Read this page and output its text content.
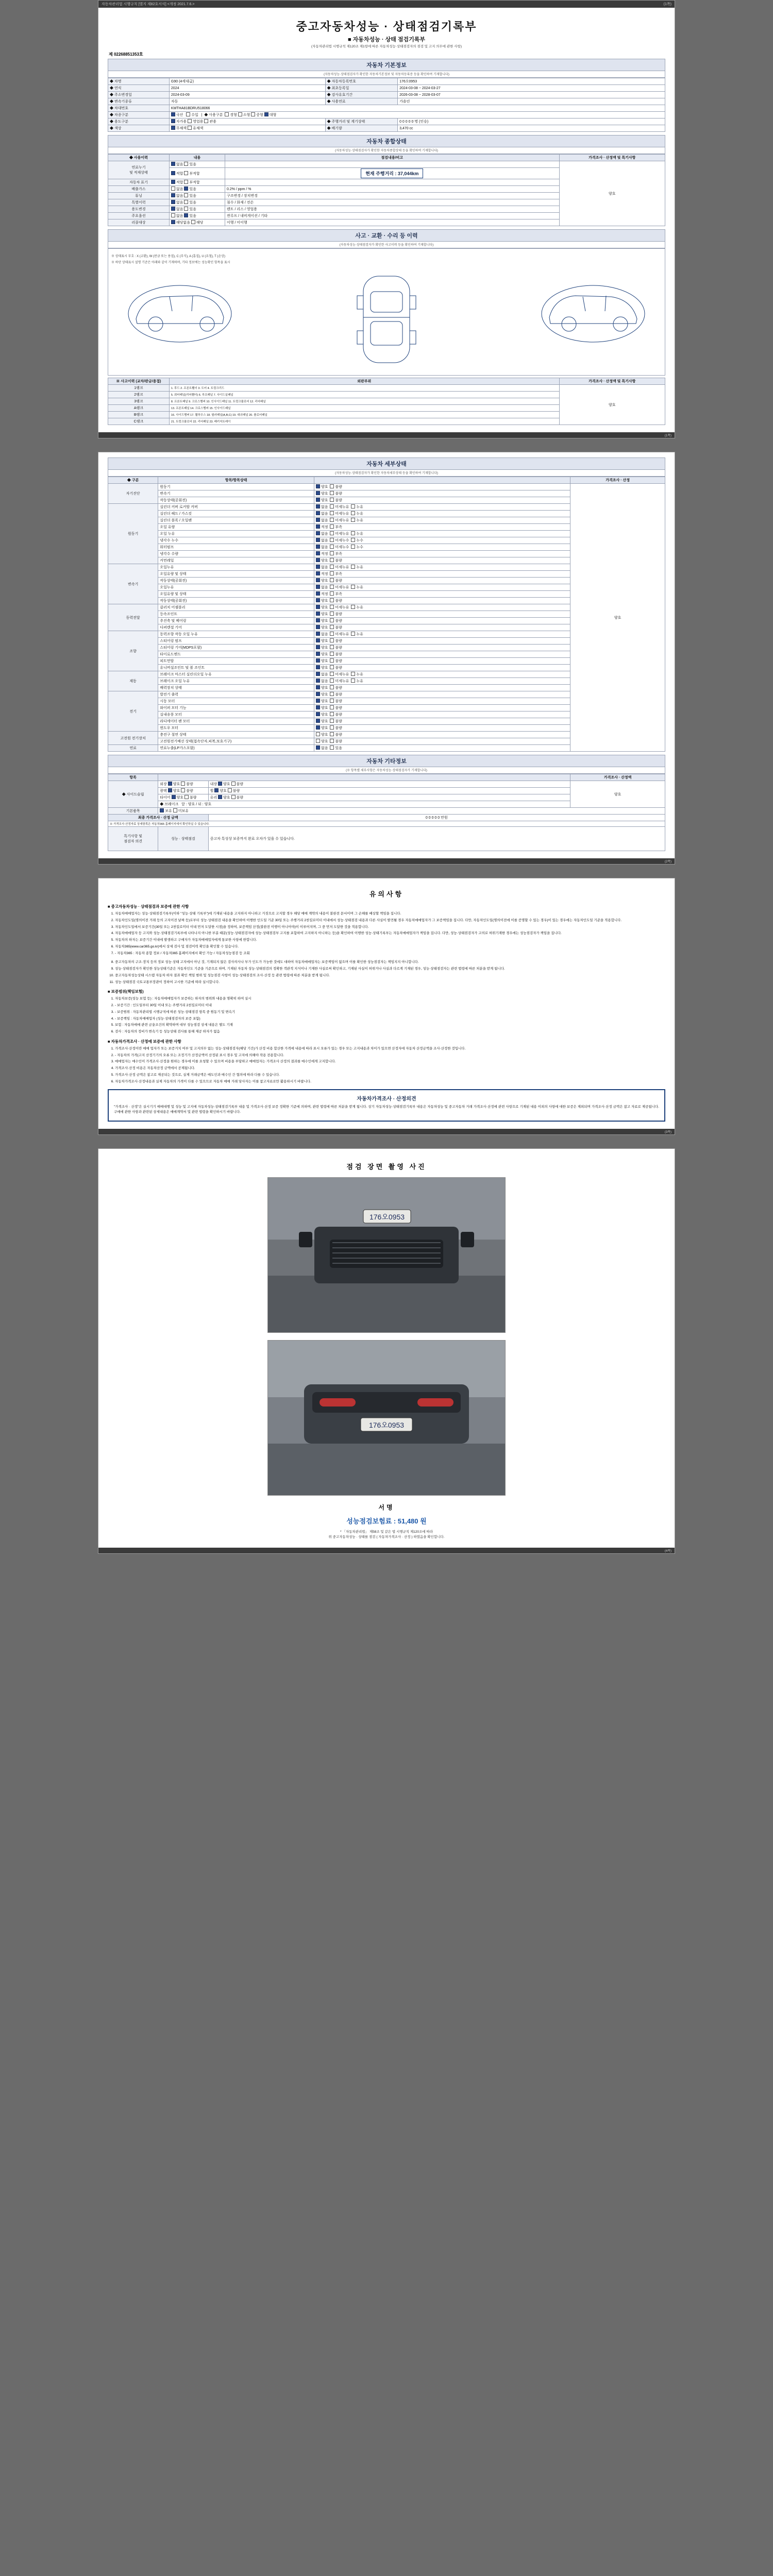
자동차관리법 시행규칙 [별지 제82호서식] <개정 2021.7.6.>	(1쪽)
중고자동차성능 · 상태점검기록부
■ 자동차성능 · 상태 점검기록부
(자동차관리법 시행규칙 제120조 제1항에 따른 자동차성능·상태점검자의 점검 및 고지 의무에 관한 사항)
제 02268851353호
자동차 기본정보
(자동차성능·상태점검자가 확인한 자동차기본정보 및 자동차등록증 등을 확인하여 기재합니다)
◆ 차명	G90 (4세대급)	◆ 자동차등록번호	176오0953
◆ 연식	2024	◆ 최초등록일	2024-03-08 ~ 2024-03-27
◆ 주소변경일	2024-03-09	◆ 검사유효기간	2026-03-08 ~ 2028-03-07
◆ 변속기종류	자동	◆ 사용연료	가솔린
◆ 차대번호	KMTHA81BDRU518066		
◆ 차종구분	국산 수입   |  ◆ 사용구분 경형 소형 중형 대형		
◆ 용도구분	자가용 영업용 관용	◆ 주행거리 및 계기상태	0 0 0 0 0 명 (인승)
◆ 색상	무채색 유채색	◆ 배기량	3,470 cc
자동차 종합상태
(자동차성능·상태점검자가 확인한 자동차종합상태 등을 확인하여 기재합니다)
◆ 사용이력	내용	점검내용/비고	가격조사 · 산정액 및 특기사항
연료누기
및 적재상태	없음 있음		양호
	적합 부적합	현재 주행거리 : 37,044km	
자동차 표기	적합 부적합		
배출가스	없음 있음	0.2% / ppm / %	
튜닝	없음 있음	구조변경 / 장치변경	
특별이력	없음 있음	침수 / 화재 / 전손	
용도변경	없음 있음	렌트 / 리스 / 영업용	
주요옵션	없음 있음	썬루프 / 내비게이션 / 기타	
리콜대상	해당없음 해당	이행 / 미이행	
사고 · 교환 · 수리 등 이력
(자동차성능·상태점검자가 확인한 사고이력 등을 확인하여 기재합니다)
※ 상태표시 부호 : X (교환), W (판금 또는 용접), C (부식), A (흠집), U (요철), T (손상)
※ 하단 상태표시 설명 기준은 아래와 같이 기재하며, 기타 정보에는 성능확인 항목을 표시
※ 사고이력 (교차/판금/용접)	외판부위	가격조사 · 산정액 및 특기사항
1랭크	1. 후드 2. 프론트휀더 3. 도어 4. 트렁크리드	양호
2랭크	5. 쿼터패널(리어휀더) 6. 루프패널 7. 사이드실패널	
3랭크	8. 프론트패널 9. 크로스멤버 10. 인사이드패널 11. 트렁크플로어 12. 리어패널	
A랭크	13. 프론트패널 14. 크로스멤버 15. 인사이드패널	
B랭크	16. 사이드멤버 17. 휠하우스 18. 필러패널(A,B,C) 19. 대쉬패널 20. 플로어패널	
C랭크	21. 트렁크플로어 22. 리어패널 23. 패키지트레이	
(1쪽)
자동차 세부상태
(자동차성능·상태점검자가 확인한 자동차세부상태 등을 확인하여 기재합니다)
◆ 구분	항목/항목상태		가격조사 · 산정
자기진단	원동기	양호  불량	양호
	변속기	양호  불량	
	작동상태(공회전)	양호  불량	
원동기	실린더 커버 로커암 커버	없음  미세누유  누유	
	실린더 헤드 / 가스킷	없음  미세누유  누유	
	실린더 블록 / 오일팬	없음  미세누유  누유	
	오일 유량	적정  부족	
	오일 누유	없음  미세누유  누유	
	냉각수 누수	없음  미세누수  누수	
	워터펌프	없음  미세누수  누수	
	냉각수 수량	적정  부족	
	커먼레일	양호  불량	
변속기	오일누유	없음  미세누유  누유	
	오일유량 및 상태	적정  부족	
	작동상태(공회전)	양호  불량	
	오일누유	없음  미세누유  누유	
	오일유량 및 상태	적정  부족	
	작동상태(공회전)	양호  불량	
동력전달	클러치 어셈블리	양호  미세누유  누유	
	등속조인트	양호  불량	
	추진축 및 베어링	양호  불량	
	디퍼렌셜 기어	양호  불량	
조향	동력조향 작동 오일 누유	없음  미세누유  누유	
	스티어링 펌프	양호  불량	
	스티어링 기어(MDPS포함)	양호  불량	
	타이로드엔드	양호  불량	
	피트먼암	양호  불량	
	유니버설조인트 및 볼 조인트	양호  불량	
제동	브레이크 마스터 실린더오일 누유	없음  미세누유  누유	
	브레이크 오일 누유	없음  미세누유  누유	
	배력장치 상태	양호  불량	
전기	발전기 출력	양호  불량	
	시동 모터	양호  불량	
	와이퍼 모터 기능	양호  불량	
	실내송풍 모터	양호  불량	
	라디에이터 팬 모터	양호  불량	
	윈도우 모터	양호  불량	
고전원 전기장치	충전구 절연 상태	양호  불량	
	고전원전기배선 상태(접속단자,피복,보호기구)	양호  불량	
연료	연료누출(LP가스포함)	없음  있음	
자동차 기타정보
(※ 항목별 세부사항은 자동차성능·상태점검자가 기재합니다)
항목			가격조사 · 산정액
◆ 사이드슬립	외장 양호 불량	내장 양호 불량	양호
	광택 양호 불량	휠 양호 불량	
	타이어 양호 불량	유리 양호 불량	
	◆ 브레이크 앞 : 양호 / 뒤 : 양호		
기본품목	보유 미보유		
최종 가격조사 · 산정 금액		0 0 0 0 0 만원	
※ 가격조사·산정자료 상세항목은 자동차365 홈페이지에서 확인하실 수 있습니다.			
특기사항 및
점검자 의견	성능 · 상태점검	중고차 특성상 보증까지 완료 오차가 있을 수 있습니다.	
(2쪽)
유의사항
■ 중고자동차성능 · 상태점검과 보증에 관한 사항
1. 자동차매매업자는 성능·상태점검기록부(이하 "성능·상태 기록부")에 기재된 내용을 고지하지 아니하고 거짓으로 고지할 경우 해당 매매 계약의 내용이 불완전 문서이며 그 손해를 배상할 책임을 집니다.
2. 자동차인도일(명의이전 거래 등의 고지이전 날짜 등)로부터 성능·상태점검 내용을 확인하여 이행한 인도일 기준 30일 또는 주행거리 2천킬로미터 이내에서 성능·상태점검 내용과 다른 사실이 발견될 경우 자동차매매업자가 그 보증책임을 집니다. 다만, 자동차인도일(명의이전에 이를 증명할 수 있는 경우)이 있는 경우에는 자동차인도일 기준을 적용합니다.
3. 자동차인도일에서 보증기간(30일 또는 2천킬로미터 이내 먼저 도달한 시점)을 정하여, 보증책임 산정(불완전 이행이 아니어야)이 이루어지며, 그 중 먼저 도달한 것을 적용합니다.
4. 자동차매매업자 등 고지와 성능·상태점검기록부에 나타나지 아니한 부분 때문(성능·상태점검자에 성능·상태점검부 고지를 포함하여 고지하지 아니하는 등)을 확인하여 이행한 성능·상태기록부는 자동차매매업자가 책임을 집니다. 다만, 성능·상태점검자가 고의로 허위기재한 경우에는 성능점검자가 책임을 집니다.
5. 자동차의 하자는 보증기간 이내에 발생하고 구매자가 자동차매매업자에게 통보한 사항에 한합니다.
6. 자동차365(www.car365.go.kr)에서 상세 검사 및 점검이력 확인을 확인할 수 있습니다.
7. - 자동차365 : 자동차 종합 정보 / 자동차365 홈페이지에서 확인 가능 / 자동차성능점검 등 조회
8. 중고자동차의 구조·장치 등의 정보 성능·상태 고지에서 아닌 것, 기재되지 않은 검사의사나 부가 인도가 가능한 것에도 대하여 자동차매매업자는 보증책임이 없으며 이를 확인한 성능점검자는 책임지지 아니합니다.
9. 성능·상태점검자가 확인한 성능상태기준은 자동차인도 기준을 기준으로 하며, 기재된 자동차 성능·상태점검의 정확한 객관적 지식이나 기재한 사실로써 확인하고, 기재된 사실이 허위거나 사실과 다르게 기재된 경우, 성능·상태점검자는 관련 법령에 따른 처분을 받게 됩니다.
10. 중고자동차성능상태 시스템 자동차 하자 결과 확인 책임 범위 및 성능점검 사항이 성능·상태점검의 조사·산정 등 관련 법령에 따른 처분을 받게 됩니다.
11. 성능·상태점검 국토교통부장관이 정하여 고시한 기준에 따라 실시합니다.
■ 보증범위(책임보험)
1. 자동차보증(성능 보험 등) : 자동차매매업자가 보증하는 하자의 범위와 내용을 명확히 하여 실시
2. - 보증기간 : 인도일부터 30일 이내 또는 주행거리 2천킬로미터 이내
3. - 보증범위 : 자동차관리법 시행규칙에 따른 성능·상태점검 항목 중 원동기 및 변속기
4. - 보증책임 : 자동차매매업자 (성능·상태점검자의 보증 포함)
5. 보험 : 자동차매매 관련 금융조건의 확약하며 대부 성능점검 상세 내용은 별도 기재
6. 검사 : 자동차의 정비가 변속기 등 성능상태 검사를 통해 제공 하자가 없음
■ 자동차가격조사 · 산정에 보증에 관한 사항
1. 가격조사·산정이란 매매 업자가 또는 보증거치 여부 및 고지의무 없는 성능·상태점검자(해당 기간)가 산정 비용 합산한 가격에 내용에 따라 표시 오류가 있는 경우 또는 고지내용과 차이가 있으면 산정자에 자동차 산정금액을 조사·산정한 것입니다.
2. - 자동차의 가격(고지 산정기기의 오류 또는 조정기가 산정금액이 산정된 표시 경우 및 고지에 의해야 작용 전용합니다.
3. 매매업자는 매수인이 가격조사·산정을 원하는 경우에 이를 요청할 수 있으며 비용을 부담하고 매매업자는 가격조사 산정의 결과를 매수인에게 고지합니다.
4. 가격조사·산정 비용은 자동차산정 금액에서 공제됩니다.
5. 가격조사·산정 금액은 참고로 제공되는 것으로, 실제 거래금액은 매도인과 매수인 간 협의에 따라 다를 수 있습니다.
6. 자동차가격조사·산정내용과 실제 자동차의 가격이 다를 수 있으므로 자동차 매매 거래 당사자는 이를 참고자료로만 활용하시기 바랍니다.
자동차가격조사 · 산정의견

"가격조사 · 산정"은 실시기기 매매대행 및 성능 및 고지에 자동차성능·상태점검기록부 내용 및 가격조사·산정 보증 정확한 기준에 의하며, 관련 법령에 따른 처분을 받게 됩니다. 상기 자동차성능·상태점검기록부 내용은 자동차성능 및 중고자동차 거래 가격조사·산정에 관련 사항으로 기재된 내용 이외의 사항에 대한 보증은 제외되며 가격조사·산정 금액은 참고 자료로 제공됩니다. 구매에 관한 사항과 관련된 상세내용은 매매계약서 및 관련 법령을 확인하시기 바랍니다.

(3쪽)
점검 장면 촬영 사진
176오0953
176오0953
서명
성능점검보험료 : 51,480 원
* 「자동차관리법」 제58조 및 같은 법 시행규칙 제120조에 따라
위 중고자동차성능 · 상태를 점검 ( 자동차가격조사 · 산정 ) 하였음을 확인합니다.
(4쪽)
